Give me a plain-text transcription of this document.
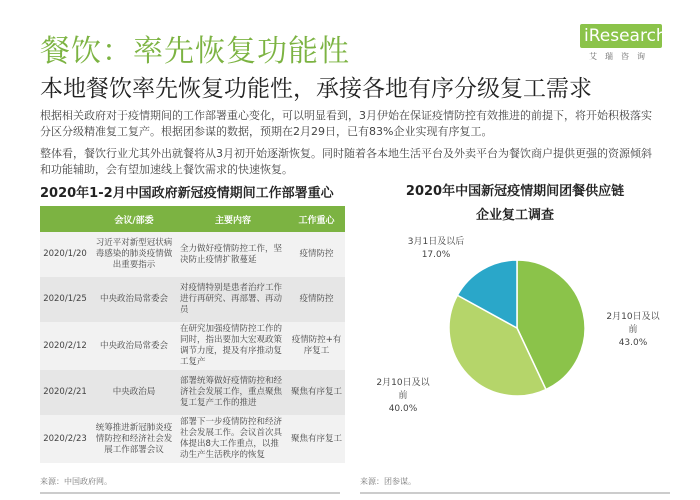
餐饮：率先恢复功能性	iResearch
艾瑞咨询
本地餐饮率先恢复功能性，承接各地有序分级复工需求
根据相关政府对于疫情期间的工作部署重心变化，可以明显看到，3月伊始在保证疫情防控有效推进的前提下，将开始积极落实分区分级精准复工复产。根据团参谋的数据，预期在2月29日，已有83%企业实现有序复工。
整体看，餐饮行业尤其外出就餐将从3月初开始逐渐恢复。同时随着各本地生活平台及外卖平台为餐饮商户提供更强的资源倾斜和功能辅助，会有望加速线上餐饮需求的快速恢复。
2020年1-2月中国政府新冠疫情期间工作部署重心
	会议/部委	主要内容	工作重心
2020/1/20	习近平对新型冠状病毒感染的肺炎疫情做出重要指示	全力做好疫情防控工作，坚决防止疫情扩散蔓延	疫情防控
2020/1/25	中央政治局常委会	对疫情特别是患者治疗工作进行再研究、再部署、再动员	疫情防控
2020/2/12	中央政治局常委会	在研究加强疫情防控工作的同时，指出要加大宏观政策调节力度，提及有序推动复工复产	疫情防控+有序复工
2020/2/21	中央政治局	部署统筹做好疫情防控和经济社会发展工作，重点聚焦复工复产工作的推进	聚焦有序复工
2020/2/23	统筹推进新冠肺炎疫情防控和经济社会发展工作部署会议	部署下一步疫情防控和经济社会发展工作。会议首次具体提出8大工作重点，以推动生产生活秩序的恢复	聚焦有序复工
来源：中国政府网。
2020年中国新冠疫情期间团餐供应链
企业复工调查
2月10日及以前
43.0%
2月10日及以前
40.0%
3月1日及以后
17.0%
来源：团参谋。
